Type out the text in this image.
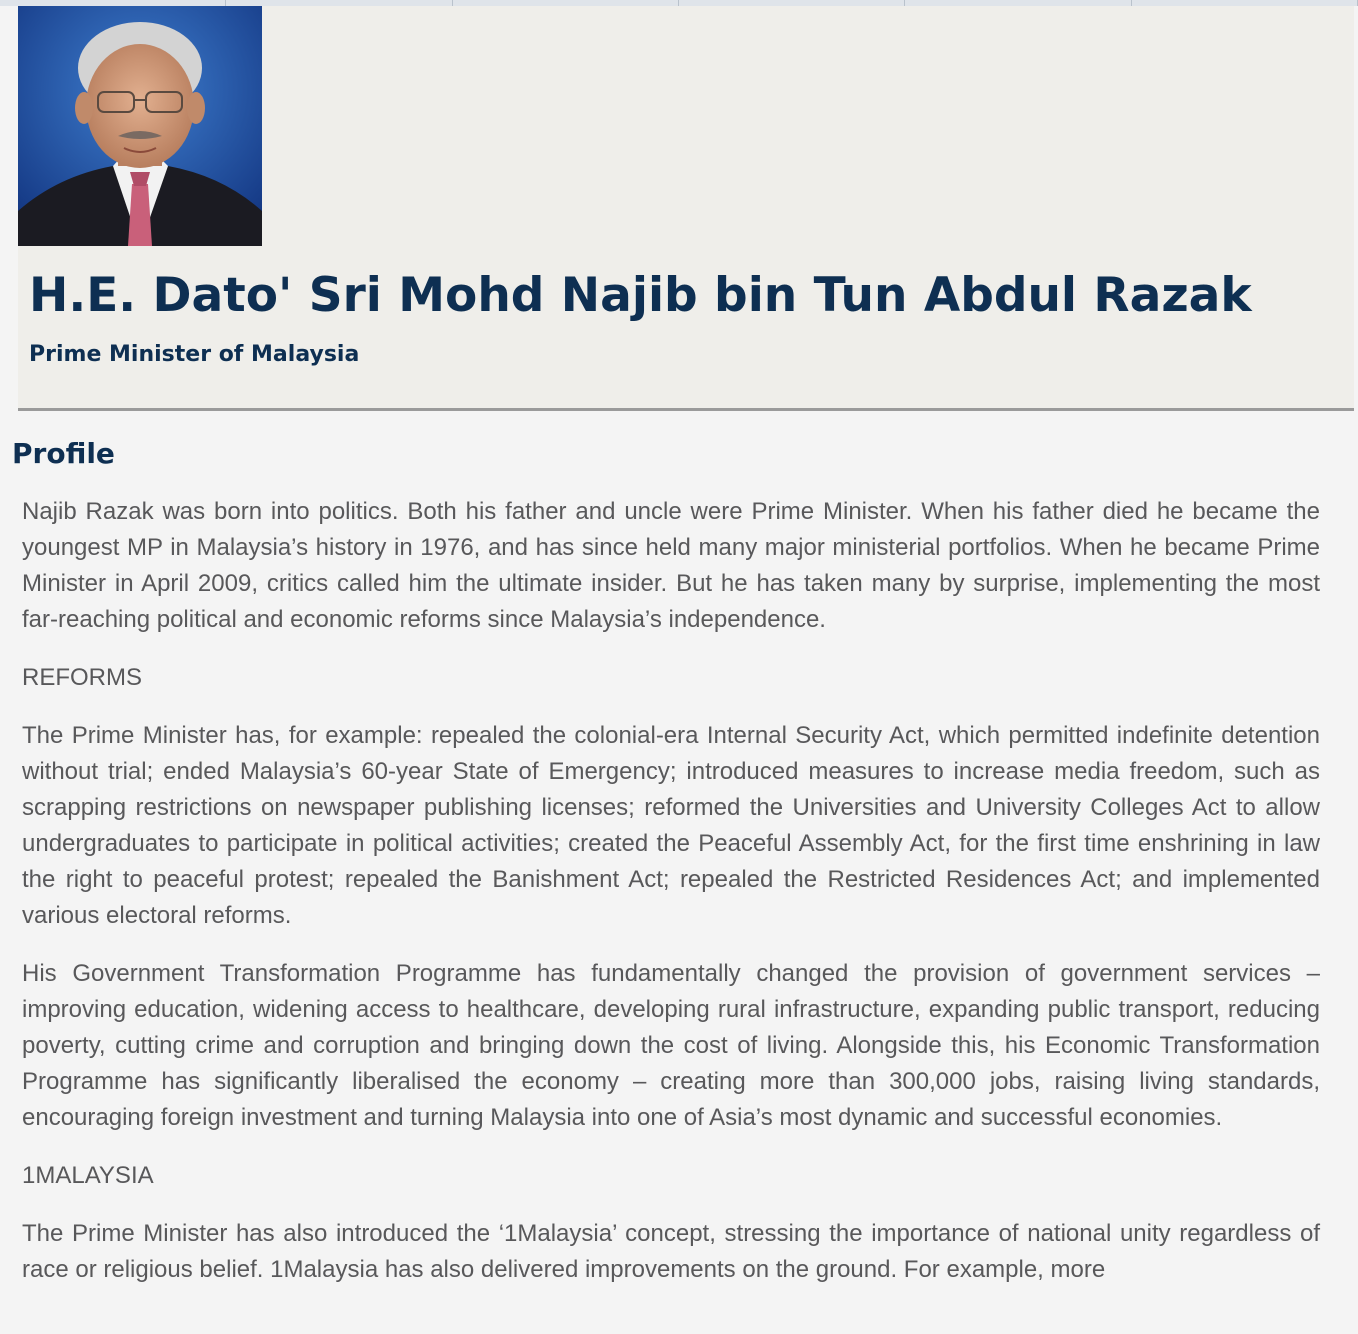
H.E. Dato' Sri Mohd Najib bin Tun Abdul Razak
Prime Minister of Malaysia
Profile

Najib Razak was born into politics. Both his father and uncle were Prime Minister. When his father died he became the youngest MP in Malaysia’s history in 1976, and has since held many major ministerial portfolios. When he became Prime Minister in April 2009, critics called him the ultimate insider. But he has taken many by surprise, implementing the most far-reaching political and economic reforms since Malaysia’s independence.

REFORMS

The Prime Minister has, for example: repealed the colonial-era Internal Security Act, which permitted indefinite detention without trial; ended Malaysia’s 60-year State of Emergency; introduced measures to increase media freedom, such as scrapping restrictions on newspaper publishing licenses; reformed the Universities and University Colleges Act to allow undergraduates to participate in political activities; created the Peaceful Assembly Act, for the first time enshrining in law the right to peaceful protest; repealed the Banishment Act; repealed the Restricted Residences Act; and implemented various electoral reforms.

His Government Transformation Programme has fundamentally changed the provision of government services – improving education, widening access to healthcare, developing rural infrastructure, expanding public transport, reducing poverty, cutting crime and corruption and bringing down the cost of living. Alongside this, his Economic Transformation Programme has significantly liberalised the economy – creating more than 300,000 jobs, raising living standards, encouraging foreign investment and turning Malaysia into one of Asia’s most dynamic and successful economies.

1MALAYSIA

The Prime Minister has also introduced the ‘1Malaysia’ concept, stressing the importance of national unity regardless of race or religious belief. 1Malaysia has also delivered improvements on the ground. For example, more
